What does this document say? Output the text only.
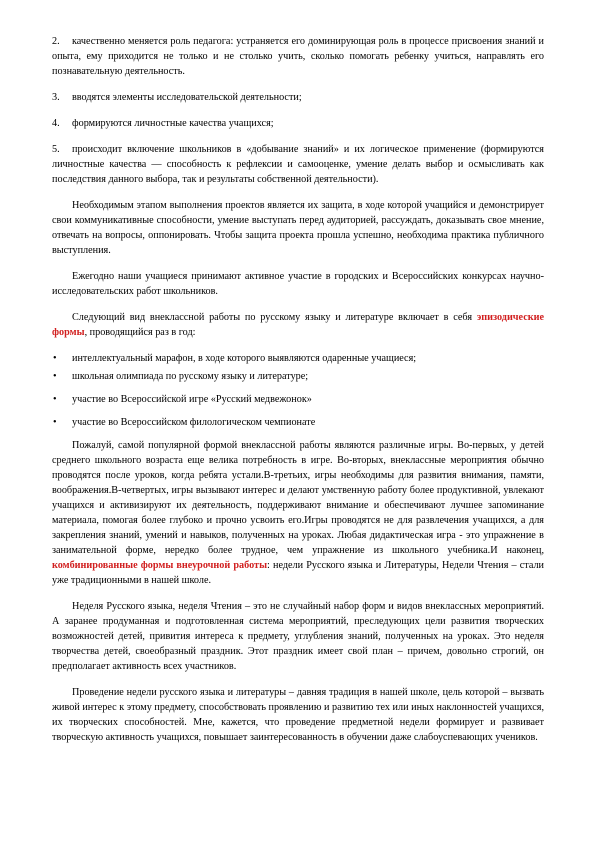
2. качественно меняется роль педагога: устраняется его доминирующая роль в процессе присвоения знаний и опыта, ему приходится не только и не столько учить, сколько помогать ребенку учиться, направлять его познавательную деятельность.

3. вводятся элементы исследовательской деятельности;

4. формируются личностные качества учащихся;

5. происходит включение школьников в «добывание знаний» и их логическое применение (формируются личностные качества — способность к рефлексии и самооценке, умение делать выбор и осмысливать как последствия данного выбора, так и результаты собственной деятельности).

Необходимым этапом выполнения проектов является их защита, в ходе которой учащийся и демонстрирует свои коммуникативные способности, умение выступать перед аудиторией, рассуждать, доказывать свое мнение, отвечать на вопросы, оппонировать. Чтобы защита проекта прошла успешно, необходима практика публичного выступления.

Ежегодно наши учащиеся принимают активное участие в городских и Всероссийских конкурсах научно-исследовательских работ школьников.

Следующий вид внеклассной работы по русскому языку и литературе включает в себя эпизодические формы, проводящийся раз в год:

• интеллектуальный марафон, в ходе которого выявляются одаренные учащиеся;
• школьная олимпиада по русскому языку и литературе;
• участие во Всероссийской игре «Русский медвежонок»
• участие во Всероссийском филологическом чемпионате

Пожалуй, самой популярной формой внеклассной работы являются различные игры. Во-первых, у детей среднего школьного возраста еще велика потребность в игре. Во-вторых, внеклассные мероприятия обычно проводятся после уроков, когда ребята устали.В-третьих, игры необходимы для развития внимания, памяти, воображения.В-четвертых, игры вызывают интерес и делают умственную работу более продуктивной, увлекают учащихся и активизируют их деятельность, поддерживают внимание и обеспечивают лучшее запоминание материала, помогая более глубоко и прочно усвоить его.Игры проводятся не для развлечения учащихся, а для закрепления знаний, умений и навыков, полученных на уроках. Любая дидактическая игра - это упражнение в занимательной форме, нередко более трудное, чем упражнение из школьного учебника.И наконец, комбинированные формы внеурочной работы: недели Русского языка и Литературы, Недели Чтения – стали уже традиционными в нашей школе.

Неделя Русского языка, неделя Чтения – это не случайный набор форм и видов внеклассных мероприятий. А заранее продуманная и подготовленная система мероприятий, преследующих цели развития творческих возможностей детей, привития интереса к предмету, углубления знаний, полученных на уроках. Это неделя творчества детей, своеобразный праздник. Этот праздник имеет свой план – причем, довольно строгий, он предполагает активность всех участников.

Проведение недели русского языка и литературы – давняя традиция в нашей школе, цель которой – вызвать живой интерес к этому предмету, способствовать проявлению и развитию тех или иных наклонностей учащихся, их творческих способностей. Мне, кажется, что проведение предметной недели формирует и развивает творческую активность учащихся, повышает заинтересованность в обучении даже слабоуспевающих учеников.
